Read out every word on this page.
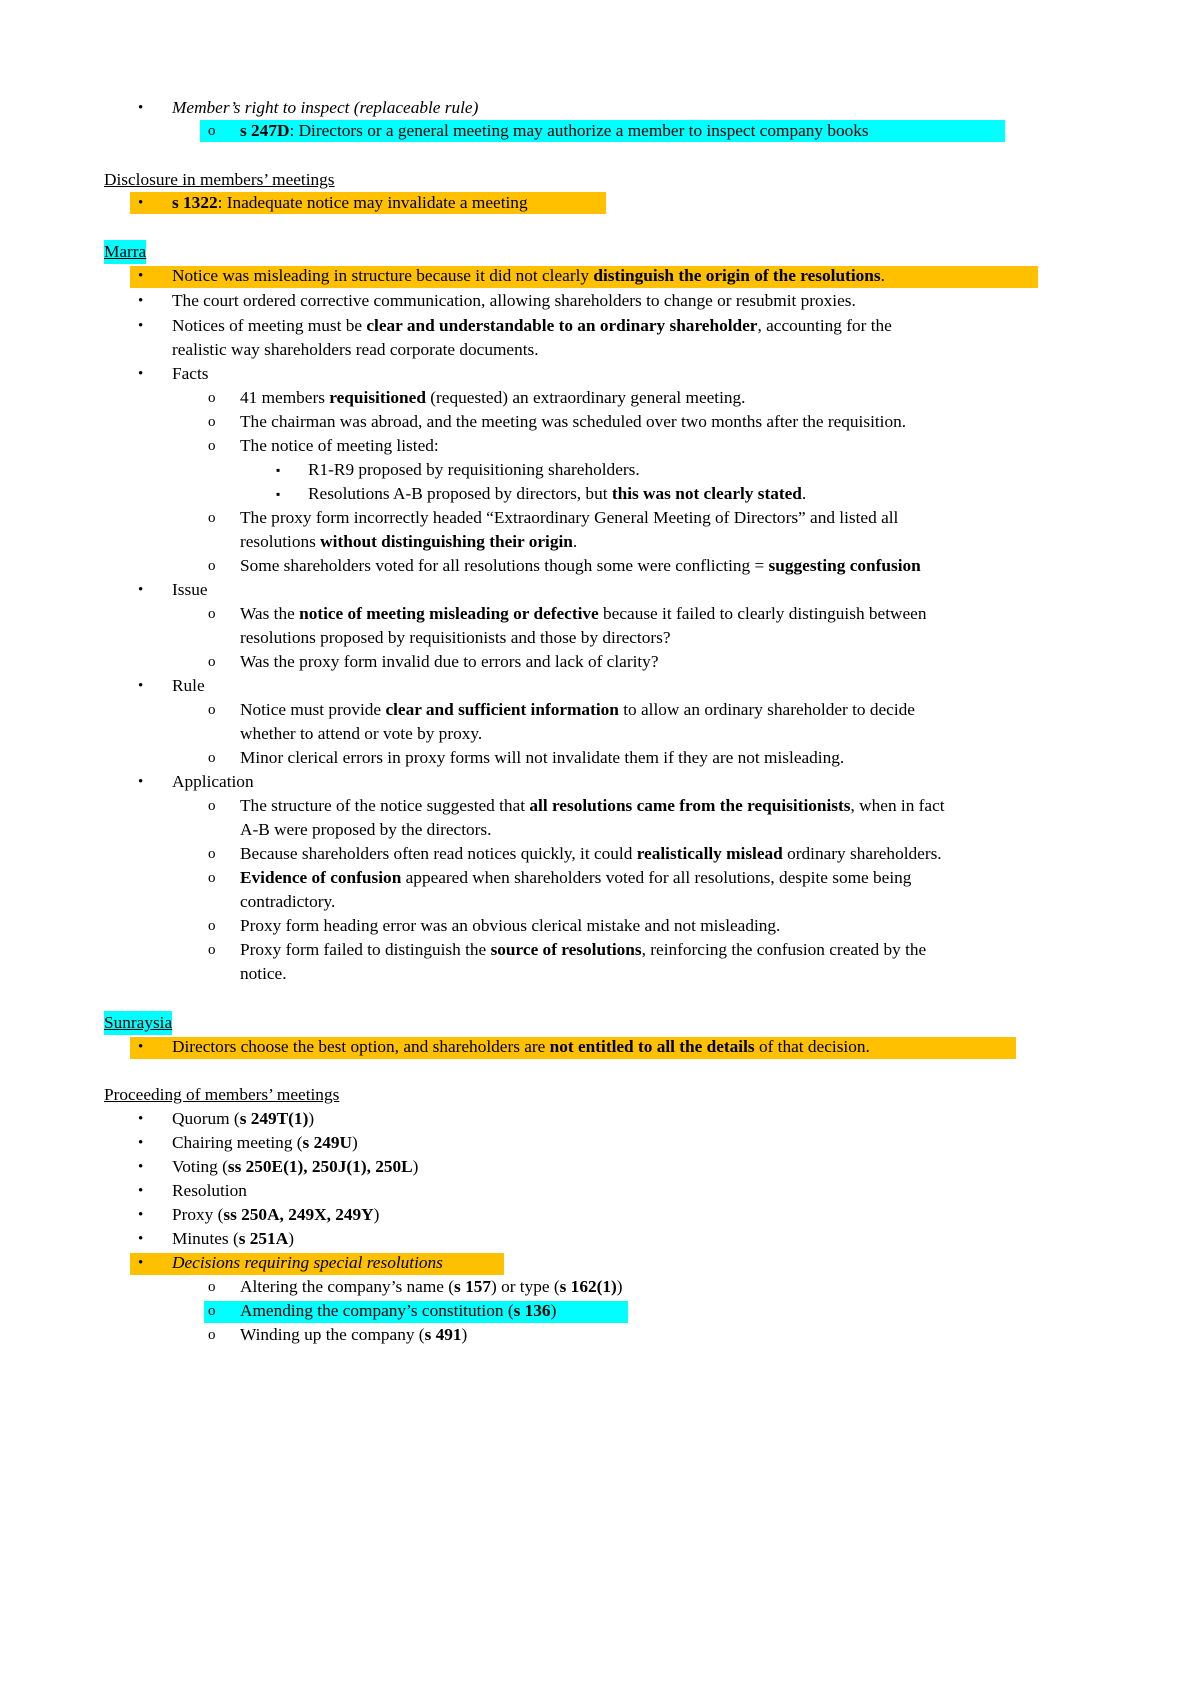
• Member’s right to inspect (replaceable rule)
o s 247D: Directors or a general meeting may authorize a member to inspect company books
Disclosure in members’ meetings
• s 1322: Inadequate notice may invalidate a meeting
Marra
• Notice was misleading in structure because it did not clearly distinguish the origin of the resolutions.
• The court ordered corrective communication, allowing shareholders to change or resubmit proxies.
• Notices of meeting must be clear and understandable to an ordinary shareholder, accounting for the
realistic way shareholders read corporate documents.
• Facts
o 41 members requisitioned (requested) an extraordinary general meeting.
o The chairman was abroad, and the meeting was scheduled over two months after the requisition.
o The notice of meeting listed:
▪ R1-R9 proposed by requisitioning shareholders.
▪ Resolutions A-B proposed by directors, but this was not clearly stated.
o The proxy form incorrectly headed “Extraordinary General Meeting of Directors” and listed all
resolutions without distinguishing their origin.
o Some shareholders voted for all resolutions though some were conflicting = suggesting confusion
• Issue
o Was the notice of meeting misleading or defective because it failed to clearly distinguish between
resolutions proposed by requisitionists and those by directors?
o Was the proxy form invalid due to errors and lack of clarity?
• Rule
o Notice must provide clear and sufficient information to allow an ordinary shareholder to decide
whether to attend or vote by proxy.
o Minor clerical errors in proxy forms will not invalidate them if they are not misleading.
• Application
o The structure of the notice suggested that all resolutions came from the requisitionists, when in fact
A-B were proposed by the directors.
o Because shareholders often read notices quickly, it could realistically mislead ordinary shareholders.
o Evidence of confusion appeared when shareholders voted for all resolutions, despite some being
contradictory.
o Proxy form heading error was an obvious clerical mistake and not misleading.
o Proxy form failed to distinguish the source of resolutions, reinforcing the confusion created by the
notice.
Sunraysia
• Directors choose the best option, and shareholders are not entitled to all the details of that decision.
Proceeding of members’ meetings
• Quorum (s 249T(1))
• Chairing meeting (s 249U)
• Voting (ss 250E(1), 250J(1), 250L)
• Resolution
• Proxy (ss 250A, 249X, 249Y)
• Minutes (s 251A)
• Decisions requiring special resolutions
o Altering the company’s name (s 157) or type (s 162(1))
o Amending the company’s constitution (s 136)
o Winding up the company (s 491)
